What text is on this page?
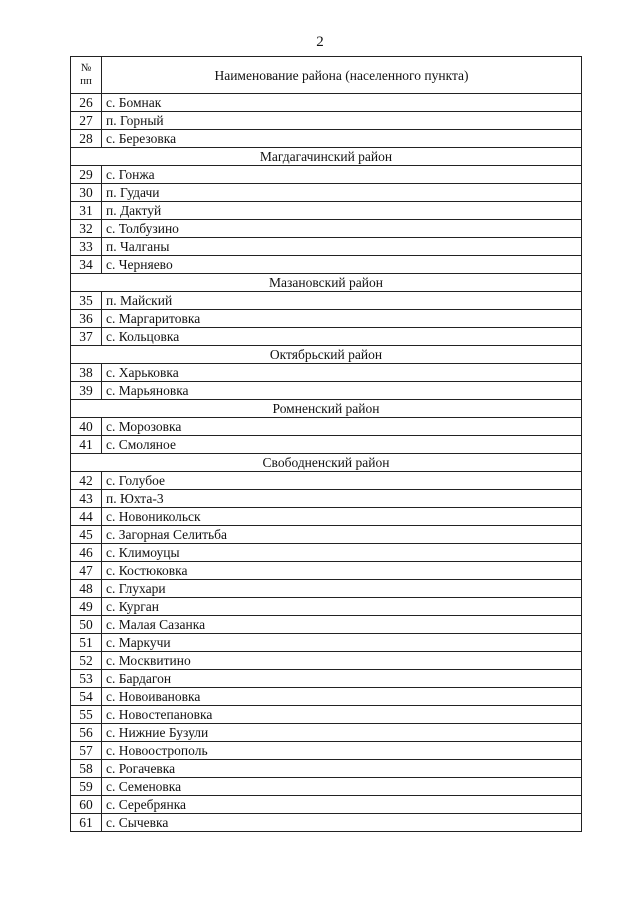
2
№ пп	Наименование района (населенного пункта)
26	с. Бомнак
27	п. Горный
28	с. Березовка
Магдагачинский район	
29	с. Гонжа
30	п. Гудачи
31	п. Дактуй
32	с. Толбузино
33	п. Чалганы
34	с. Черняево
Мазановский район	
35	п. Майский
36	с. Маргаритовка
37	с. Кольцовка
Октябрьский район	
38	с. Харьковка
39	с. Марьяновка
Ромненский район	
40	с. Морозовка
41	с. Смоляное
Свободненский район	
42	с. Голубое
43	п. Юхта-3
44	с. Новоникольск
45	с. Загорная Селитьба
46	с. Климоуцы
47	с. Костюковка
48	с. Глухари
49	с. Курган
50	с. Малая Сазанка
51	с. Маркучи
52	с. Москвитино
53	с. Бардагон
54	с. Новоивановка
55	с. Новостепановка
56	с. Нижние Бузули
57	с. Новоострополь
58	с. Рогачевка
59	с. Семеновка
60	с. Серебрянка
61	с. Сычевка
